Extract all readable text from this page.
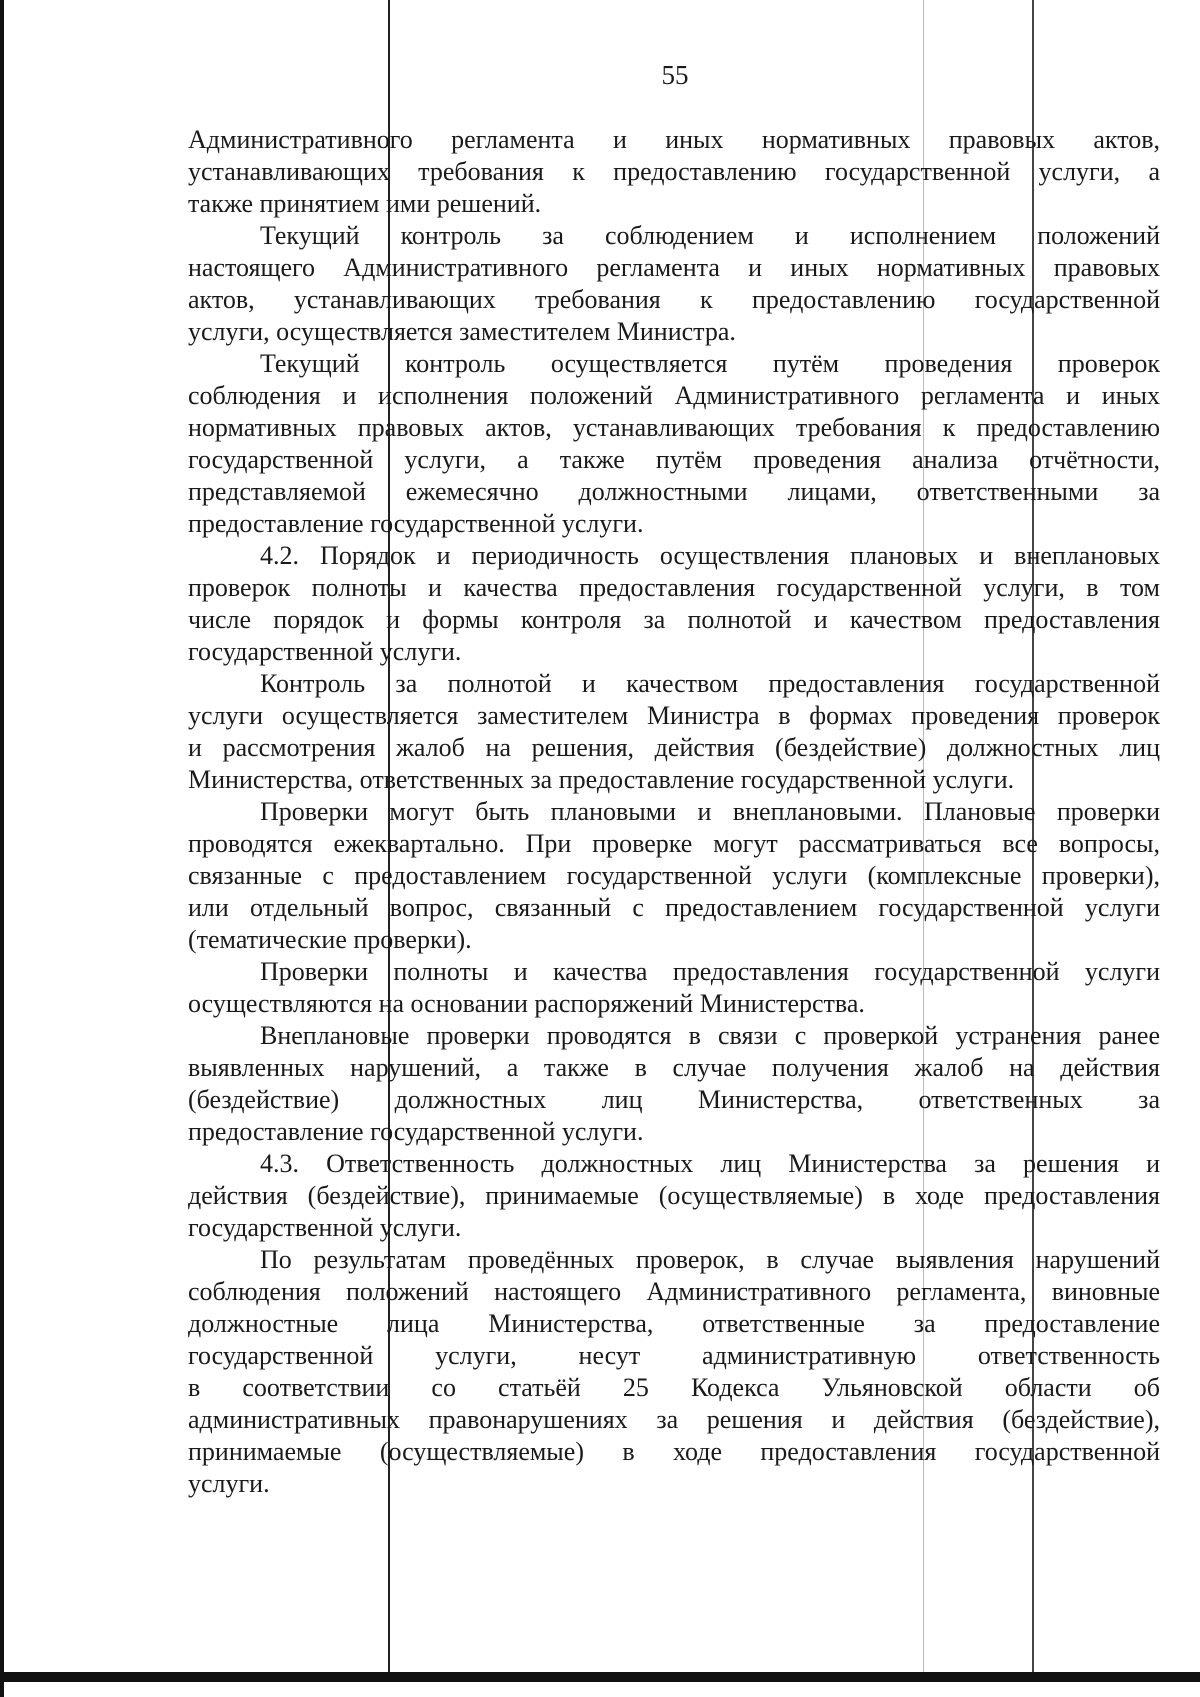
55
Административного регламента и иных нормативных правовых актов,
устанавливающих требования к предоставлению государственной услуги, а
также принятием ими решений.
Текущий контроль за соблюдением и исполнением положений
настоящего Административного регламента и иных нормативных правовых
актов, устанавливающих требования к предоставлению государственной
услуги, осуществляется заместителем Министра.
Текущий контроль осуществляется путём проведения проверок
соблюдения и исполнения положений Административного регламента и иных
нормативных правовых актов, устанавливающих требования к предоставлению
государственной услуги, а также путём проведения анализа отчётности,
представляемой ежемесячно должностными лицами, ответственными за
предоставление государственной услуги.
4.2. Порядок и периодичность осуществления плановых и внеплановых
проверок полноты и качества предоставления государственной услуги, в том
числе порядок и формы контроля за полнотой и качеством предоставления
государственной услуги.
Контроль за полнотой и качеством предоставления государственной
услуги осуществляется заместителем Министра в формах проведения проверок
и рассмотрения жалоб на решения, действия (бездействие) должностных лиц
Министерства, ответственных за предоставление государственной услуги.
Проверки могут быть плановыми и внеплановыми. Плановые проверки
проводятся ежеквартально. При проверке могут рассматриваться все вопросы,
связанные с предоставлением государственной услуги (комплексные проверки),
или отдельный вопрос, связанный с предоставлением государственной услуги
(тематические проверки).
Проверки полноты и качества предоставления государственной услуги
осуществляются на основании распоряжений Министерства.
Внеплановые проверки проводятся в связи с проверкой устранения ранее
выявленных нарушений, а также в случае получения жалоб на действия
(бездействие) должностных лиц Министерства, ответственных за
предоставление государственной услуги.
4.3. Ответственность должностных лиц Министерства за решения и
действия (бездействие), принимаемые (осуществляемые) в ходе предоставления
государственной услуги.
По результатам проведённых проверок, в случае выявления нарушений
соблюдения положений настоящего Административного регламента, виновные
должностные лица Министерства, ответственные за предоставление
государственной услуги, несут административную ответственность
в соответствии со статьёй 25 Кодекса Ульяновской области об
административных правонарушениях за решения и действия (бездействие),
принимаемые (осуществляемые) в ходе предоставления государственной
услуги.
